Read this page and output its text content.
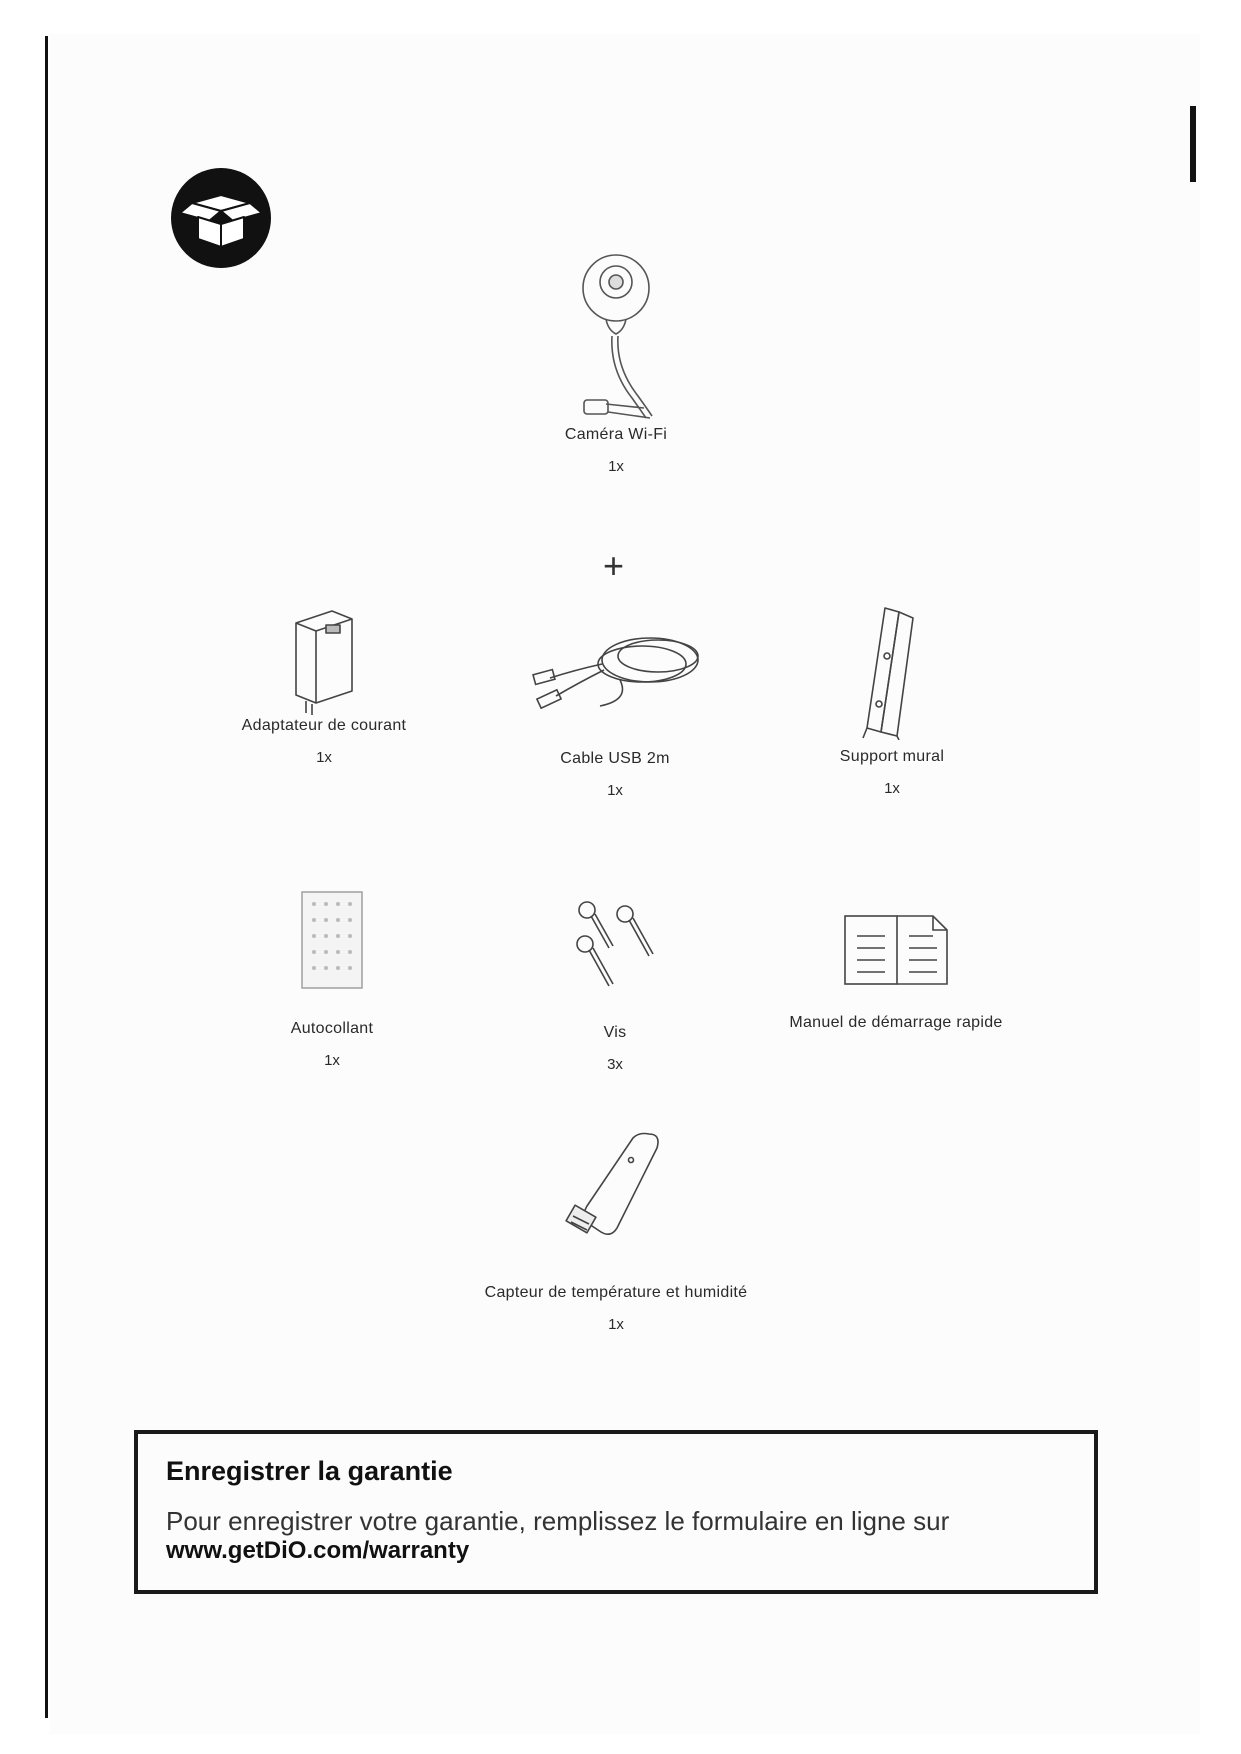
Caméra Wi-Fi
1x
+
Adaptateur de courant
1x	Cable USB 2m
1x
Support mural
1x
Autocollant
1x
Vis
3x
Manuel de démarrage rapide
Capteur de température et humidité
1x
Enregistrer la garantie
Pour enregistrer votre garantie, remplissez le formulaire en ligne sur
www.getDiO.com/warranty
